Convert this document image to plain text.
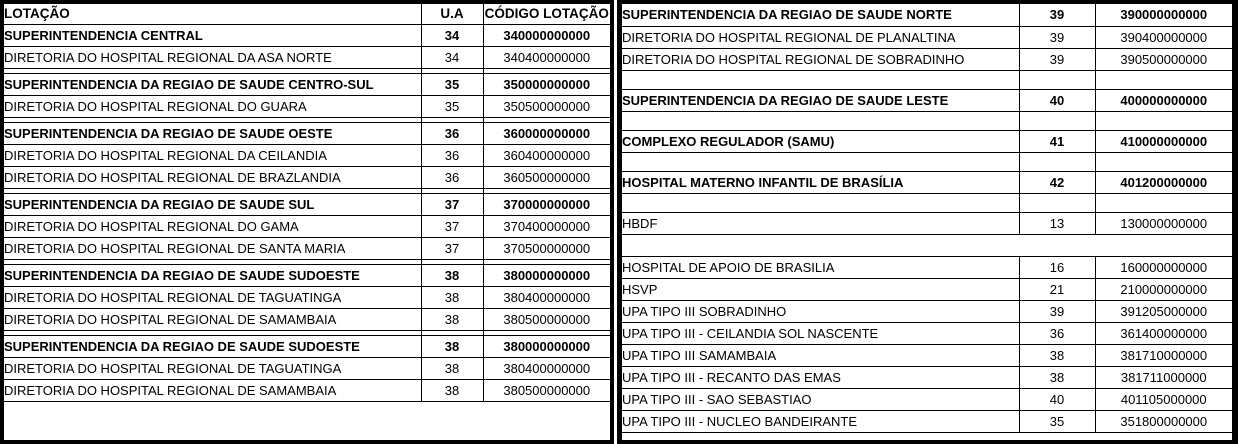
LOTAÇÃO	U.A	CÓDIGO LOTAÇÃO
SUPERINTENDENCIA CENTRAL	34	340000000000
DIRETORIA DO HOSPITAL REGIONAL DA ASA NORTE	34	340400000000

SUPERINTENDENCIA DA REGIAO DE SAUDE CENTRO-SUL	35	350000000000
DIRETORIA DO HOSPITAL REGIONAL DO GUARA	35	350500000000

SUPERINTENDENCIA DA REGIAO DE SAUDE OESTE	36	360000000000
DIRETORIA DO HOSPITAL REGIONAL DA CEILANDIA	36	360400000000
DIRETORIA DO HOSPITAL REGIONAL DE BRAZLANDIA	36	360500000000

SUPERINTENDENCIA DA REGIAO DE SAUDE SUL	37	370000000000
DIRETORIA DO HOSPITAL REGIONAL DO GAMA	37	370400000000
DIRETORIA DO HOSPITAL REGIONAL DE SANTA MARIA	37	370500000000

SUPERINTENDENCIA DA REGIAO DE SAUDE SUDOESTE	38	380000000000
DIRETORIA DO HOSPITAL REGIONAL DE TAGUATINGA	38	380400000000
DIRETORIA DO HOSPITAL REGIONAL DE SAMAMBAIA	38	380500000000

SUPERINTENDENCIA DA REGIAO DE SAUDE SUDOESTE	38	380000000000
DIRETORIA DO HOSPITAL REGIONAL DE TAGUATINGA	38	380400000000
DIRETORIA DO HOSPITAL REGIONAL DE SAMAMBAIA	38	380500000000
SUPERINTENDENCIA DA REGIAO DE SAUDE NORTE	39	390000000000
DIRETORIA DO HOSPITAL REGIONAL DE PLANALTINA	39	390400000000
DIRETORIA DO HOSPITAL REGIONAL DE SOBRADINHO	39	390500000000

SUPERINTENDENCIA DA REGIAO DE SAUDE LESTE	40	400000000000

COMPLEXO REGULADOR (SAMU)	41	410000000000

HOSPITAL MATERNO INFANTIL DE BRASÍLIA	42	401200000000

HBDF	13	130000000000

HOSPITAL DE APOIO DE BRASILIA	16	160000000000
HSVP	21	210000000000
UPA TIPO III SOBRADINHO	39	391205000000
UPA TIPO III - CEILANDIA SOL NASCENTE	36	361400000000
UPA TIPO III SAMAMBAIA	38	381710000000
UPA TIPO III - RECANTO DAS EMAS	38	381711000000
UPA TIPO III - SAO SEBASTIAO	40	401105000000
UPA TIPO III - NUCLEO BANDEIRANTE	35	351800000000
